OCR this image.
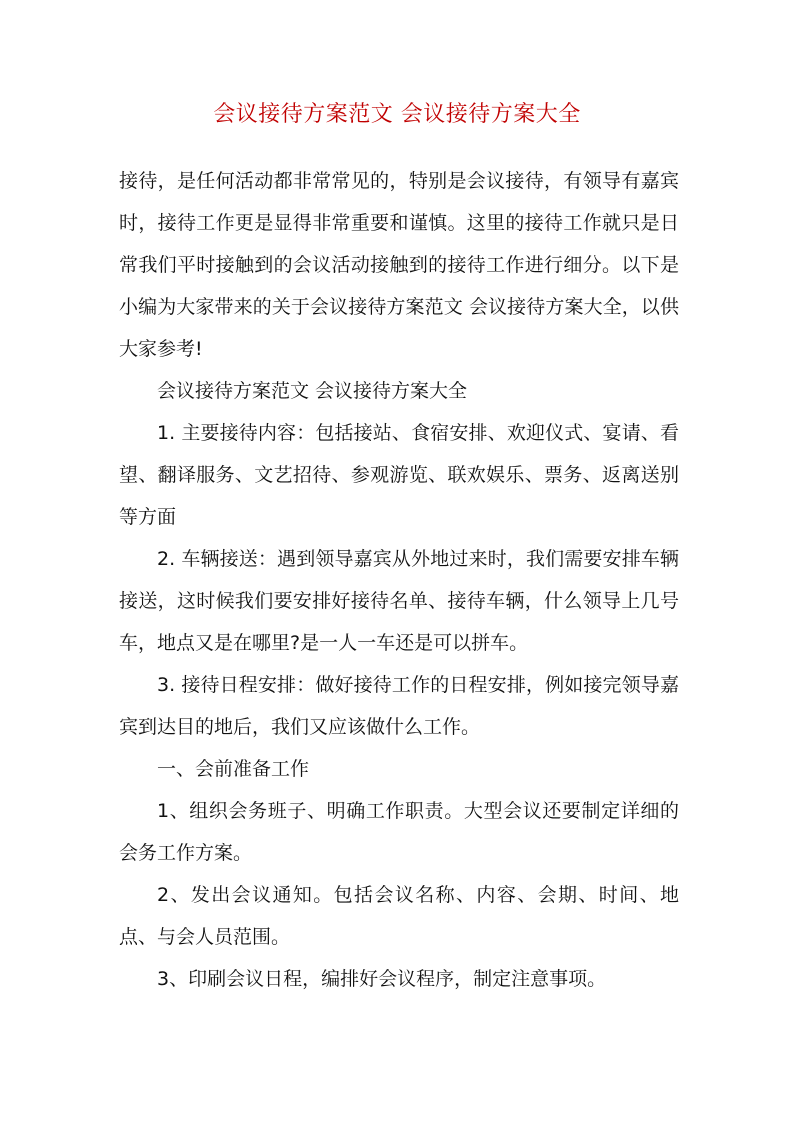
会议接待方案范文 会议接待方案大全

接待，是任何活动都非常常见的，特别是会议接待，有领导有嘉宾时，接待工作更是显得非常重要和谨慎。这里的接待工作就只是日常我们平时接触到的会议活动接触到的接待工作进行细分。以下是小编为大家带来的关于会议接待方案范文 会议接待方案大全，以供大家参考!

会议接待方案范文 会议接待方案大全

1. 主要接待内容：包括接站、食宿安排、欢迎仪式、宴请、看望、翻译服务、文艺招待、参观游览、联欢娱乐、票务、返离送别等方面

2. 车辆接送：遇到领导嘉宾从外地过来时，我们需要安排车辆接送，这时候我们要安排好接待名单、接待车辆，什么领导上几号车，地点又是在哪里?是一人一车还是可以拼车。

3. 接待日程安排：做好接待工作的日程安排，例如接完领导嘉宾到达目的地后，我们又应该做什么工作。

一、会前准备工作

1、组织会务班子、明确工作职责。大型会议还要制定详细的会务工作方案。

2、发出会议通知。包括会议名称、内容、会期、时间、地点、与会人员范围。

3、印刷会议日程，编排好会议程序，制定注意事项。
